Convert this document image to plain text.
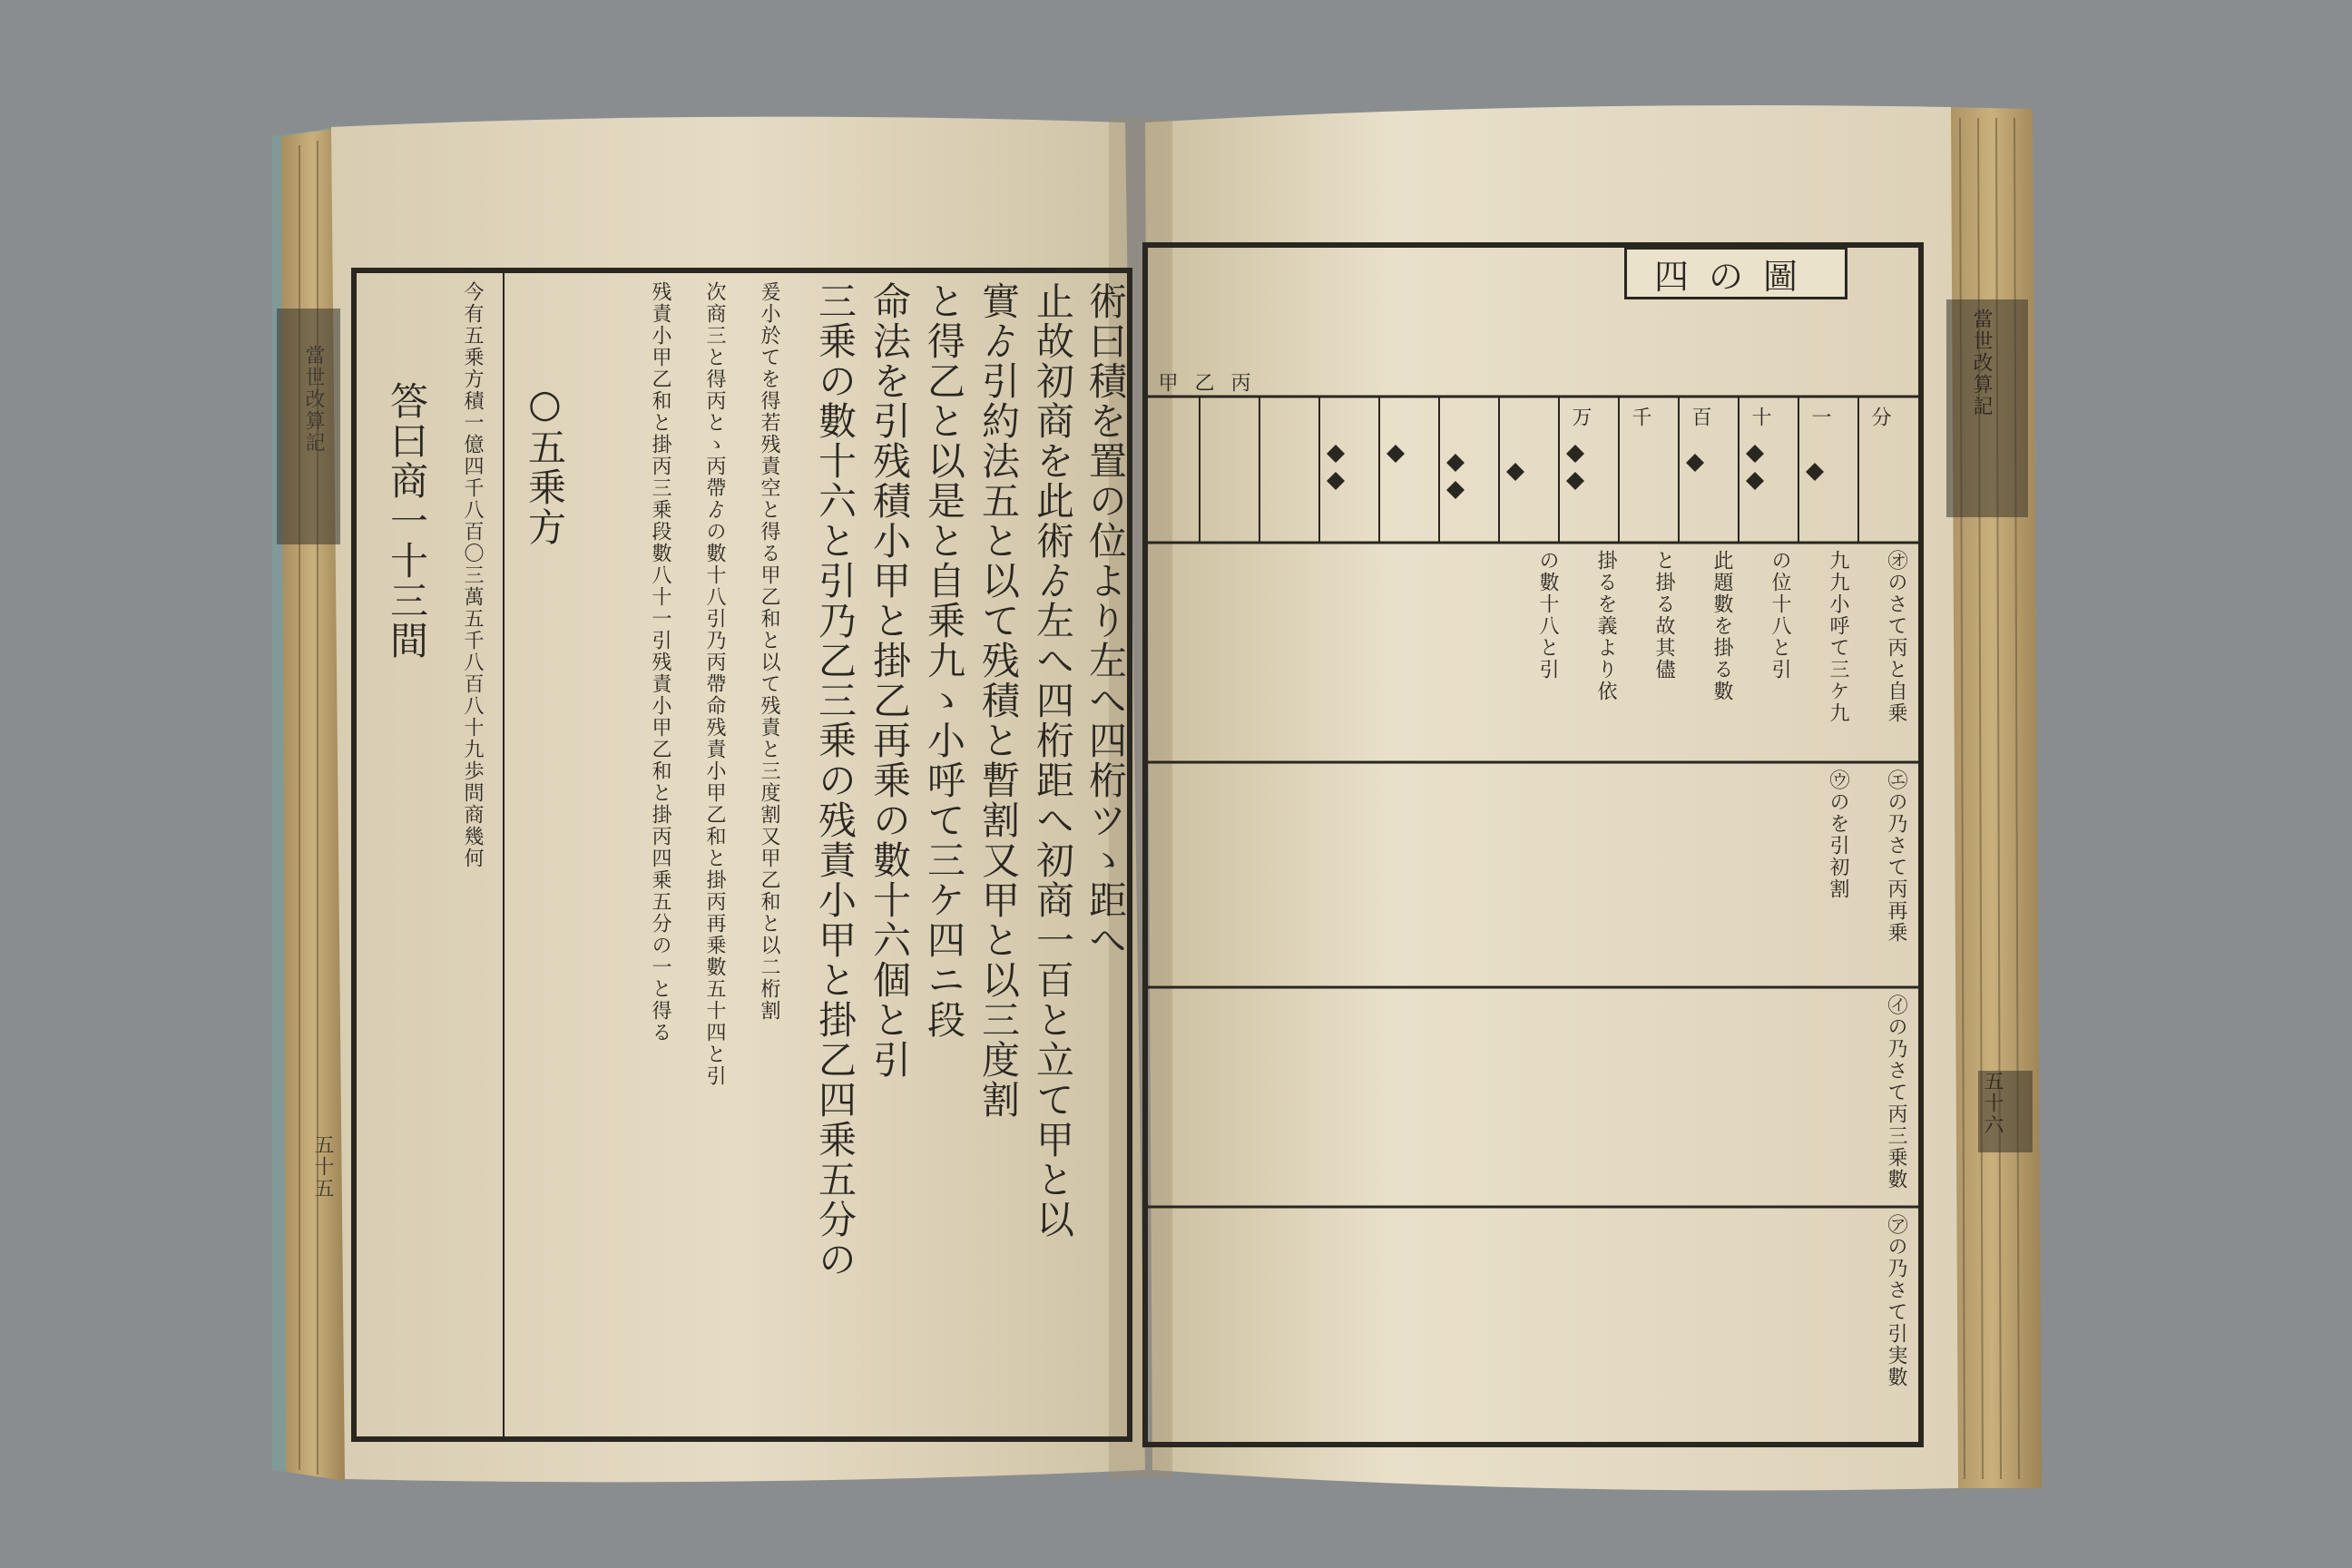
術曰積を置の位より左へ四桁ツゝ距へ
止故初商を此術ゟ左へ四桁距へ初商一百と立て甲と以
實ゟ引約法五と以て残積と暫割又甲と以三度割
と得乙と以是と自乗九ゝ小呼て三ケ四ニ段
命法を引残積小甲と掛乙再乗の數十六個と引
三乗の數十六と引乃乙三乗の残責小甲と掛乙四乗五分の
爰小於てを得若残責空と得る甲乙和と以て残責と三度割又甲乙和と以二桁割
次商三と得丙とゝ丙帶ゟの數十八引乃丙帶命残責小甲乙和と掛丙再乗數五十四と引
残責小甲乙和と掛丙三乗段數八十一引残責小甲乙和と掛丙四乗五分の一と得る
○五乗方
今有五乗方積一億四千八百〇三萬五千八百八十九歩問商幾何
答曰商一十三間
當世改算記
五十五
四の圖
甲 乙 丙
万 千 百 十 一 分
㋔のさて丙と自乗
㋓の乃さて丙再乗
㋑の乃さて丙三乗數
㋐の乃さて引実數
九九小呼て三ケ九
㋒のを引初割
の位十八と引
此題數を掛る數
と掛る故其儘
掛るを義より依
の數十八と引
當世改算記
五十六
